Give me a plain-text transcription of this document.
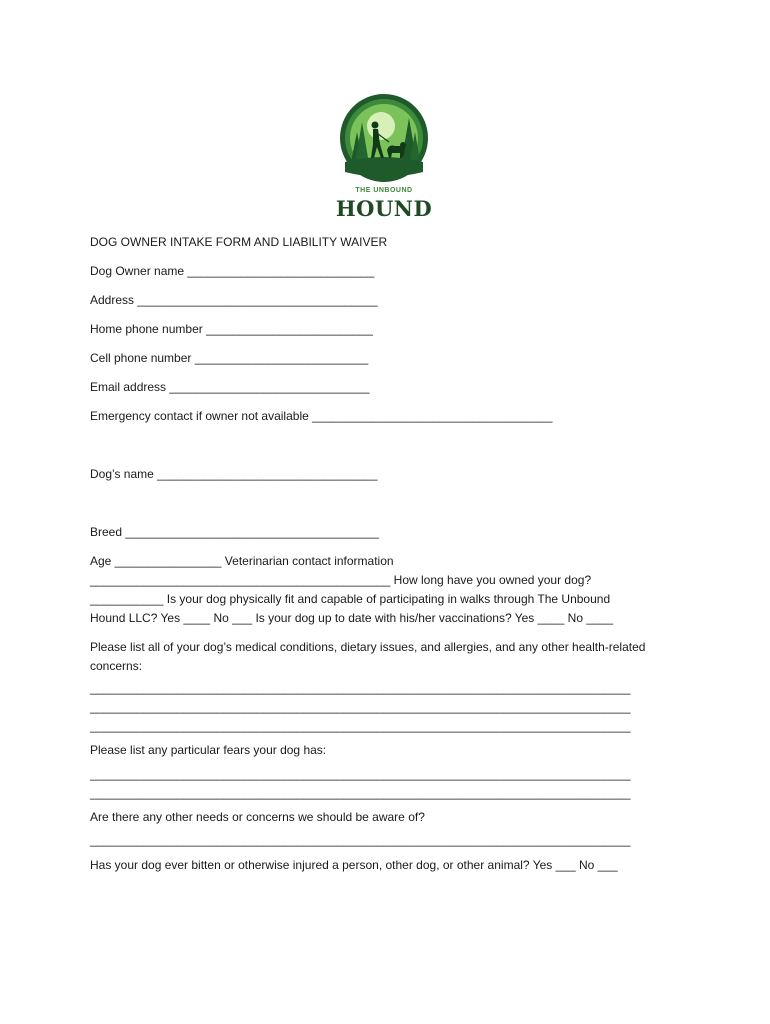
THE UNBOUND
HOUND
DOG OWNER INTAKE FORM AND LIABILITY WAIVER
Dog Owner name ____________________________
Address ____________________________________
Home phone number _________________________
Cell phone number __________________________
Email address ______________________________
Emergency contact if owner not available ____________________________________
Dog’s name _________________________________
Breed ______________________________________
Age ________________ Veterinarian contact information
_____________________________________________ How long have you owned your dog?
___________ Is your dog physically fit and capable of participating in walks through The Unbound
Hound LLC? Yes ____ No ___ Is your dog up to date with his/her vaccinations? Yes ____ No ____
Please list all of your dog’s medical conditions, dietary issues, and allergies, and any other health-related
concerns:
_________________________________________________________________________________
_________________________________________________________________________________
_________________________________________________________________________________
Please list any particular fears your dog has:
_________________________________________________________________________________
_________________________________________________________________________________
Are there any other needs or concerns we should be aware of?
_________________________________________________________________________________
Has your dog ever bitten or otherwise injured a person, other dog, or other animal? Yes ___ No ___
